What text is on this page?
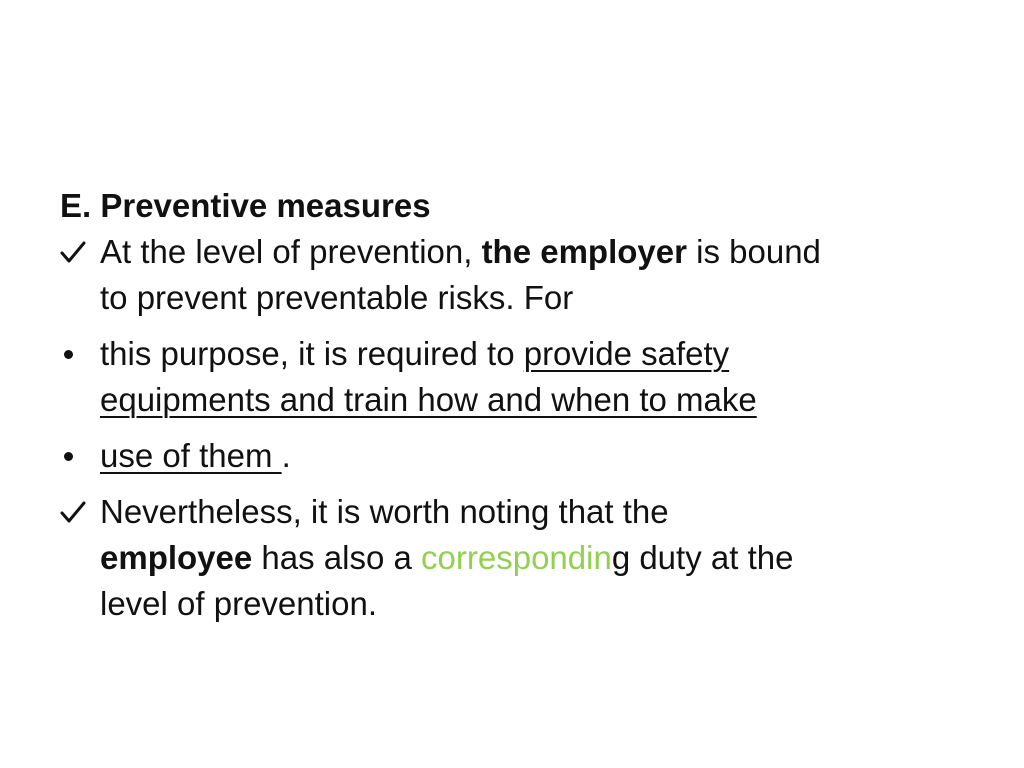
E. Preventive measures
At the level of prevention, the employer is bound
to prevent preventable risks. For
this purpose, it is required to provide safety
equipments and train how and when to make
use of them .
Nevertheless, it is worth noting that the
employee has also a corresponding duty at the
level of prevention.
